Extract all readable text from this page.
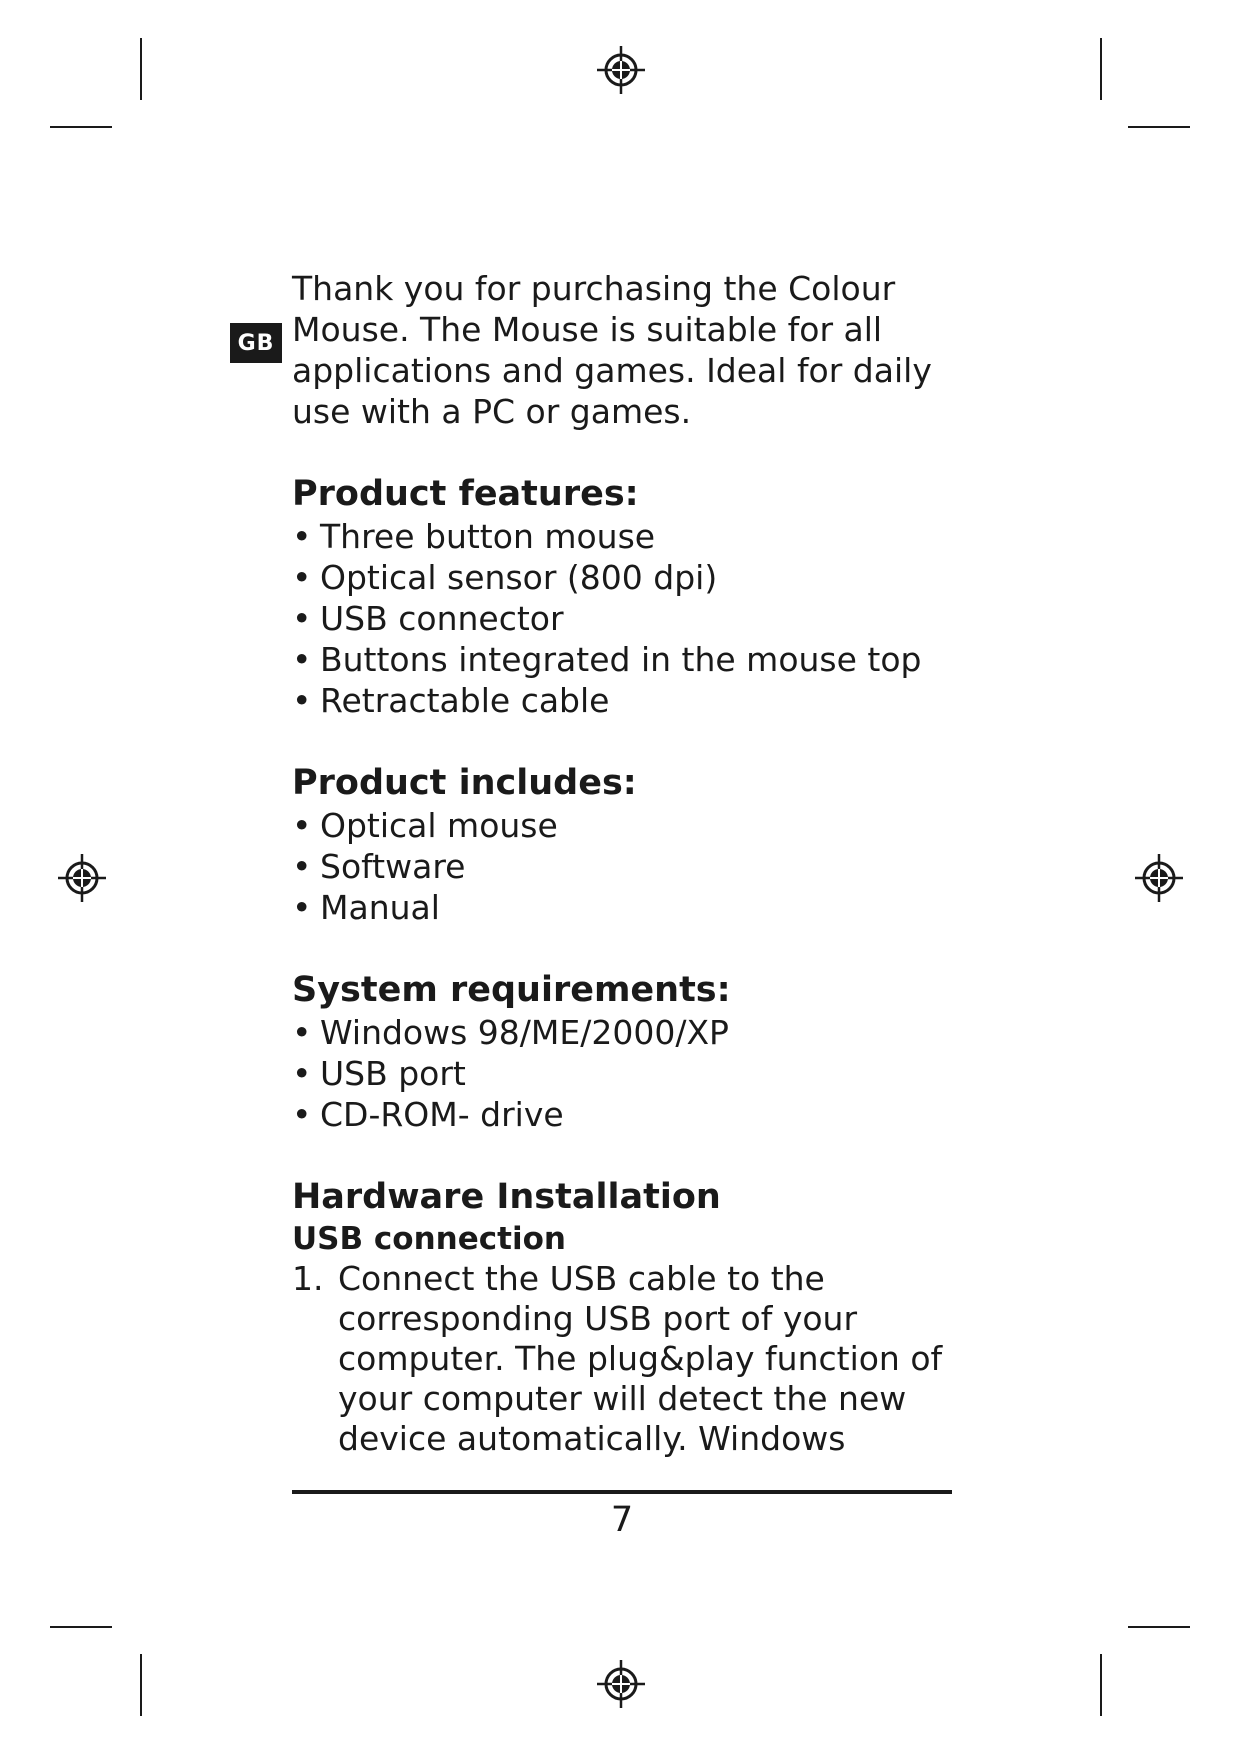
GB

Thank you for purchasing the Colour Mouse. The Mouse is suitable for all applications and games. Ideal for daily use with a PC or games.

Product features:
• Three button mouse
• Optical sensor (800 dpi)
• USB connector
• Buttons integrated in the mouse top
• Retractable cable
Product includes:
• Optical mouse
• Software
• Manual
System requirements:
• Windows 98/ME/2000/XP
• USB port
• CD-ROM- drive
Hardware Installation
USB connection
1. Connect the USB cable to the corresponding USB port of your computer. The plug&play function of your computer will detect the new device automatically. Windows
7
